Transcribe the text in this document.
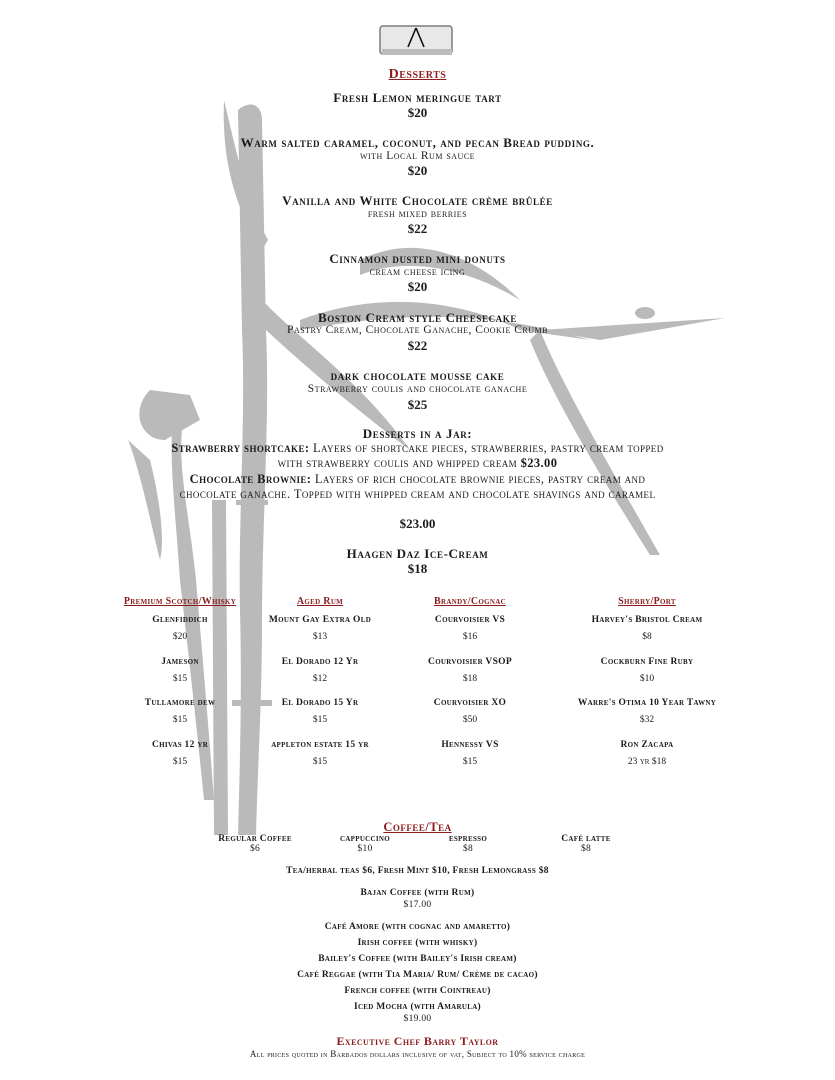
Desserts
Fresh Lemon meringue tart
$20
Warm salted caramel, coconut, and pecan Bread pudding.
with Local Rum sauce
$20
Vanilla and White Chocolate crème brûlée
fresh mixed berries
$22
Cinnamon dusted mini donuts
cream cheese icing
$20
Boston Cream style Cheesecake
Pastry Cream, Chocolate Ganache, Cookie Crumb
$22
dark chocolate mousse cake
Strawberry coulis and chocolate ganache
$25
Desserts in a Jar:
Strawberry shortcake: Layers of shortcake pieces, strawberries, pastry cream topped with strawberry coulis and whipped cream $23.00
Chocolate Brownie: Layers of rich chocolate brownie pieces, pastry cream and chocolate ganache. Topped with whipped cream and chocolate shavings and caramel
$23.00
Haagen Daz Ice-Cream
$18
Premium Scotch/Whisky
Glenfiddich
$20
Jameson
$15
Tullamore dew
$15
Chivas 12 yr
$15
Aged Rum
Mount Gay Extra Old
$13
El Dorado 12 Yr
$12
El Dorado 15 Yr
$15
appleton estate 15 yr
$15
Brandy/Cognac
Courvoisier VS
$16
Courvoisier VSOP
$18
Courvoisier XO
$50
Hennessy VS
$15
Sherry/Port
Harvey's Bristol Cream
$8
Cockburn Fine Ruby
$10
Warre's Otima 10 Year Tawny
$32
Ron Zacapa
23 yr $18
Coffee/Tea
Regular Coffee
$6
cappuccino
$10
espresso
$8
Café latte
$8
Tea/herbal teas $6, Fresh Mint $10, Fresh Lemongrass $8
Bajan Coffee (with Rum)
$17.00
Café Amore (with cognac and amaretto)
Irish coffee (with whisky)
Bailey's Coffee (with Bailey's Irish cream)
Café Reggae (with Tia Maria/ Rum/ Crème de cacao)
French coffee (with Cointreau)
Iced Mocha (with Amarula)
$19.00
Executive Chef Barry Taylor
All prices quoted in Barbados dollars inclusive of vat, Subject to 10% service charge
